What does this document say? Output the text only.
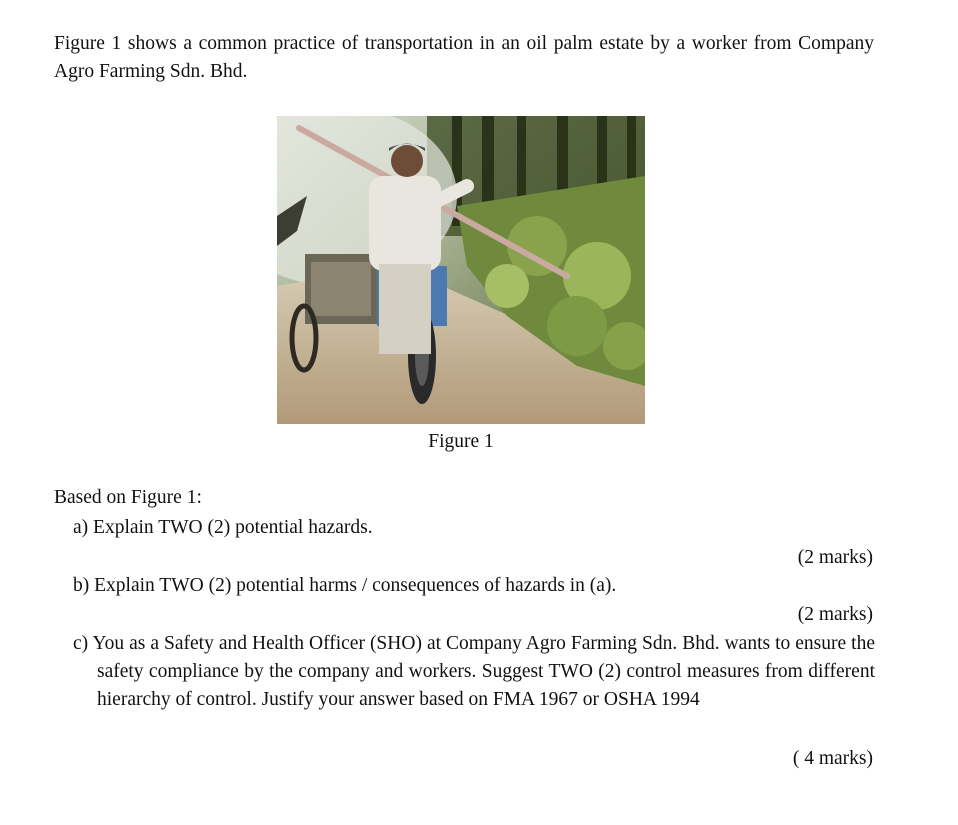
Figure 1 shows a common practice of transportation in an oil palm estate by a worker from Company Agro Farming Sdn. Bhd.

Figure 1

Based on Figure 1:

a) Explain TWO (2) potential hazards.

(2 marks)

b) Explain TWO (2) potential harms / consequences of hazards in (a).

(2 marks)

c) You as a Safety and Health Officer (SHO) at Company Agro Farming Sdn. Bhd. wants to ensure the safety compliance by the company and workers. Suggest TWO (2) control measures from different hierarchy of control. Justify your answer based on FMA 1967 or OSHA 1994

( 4 marks)
